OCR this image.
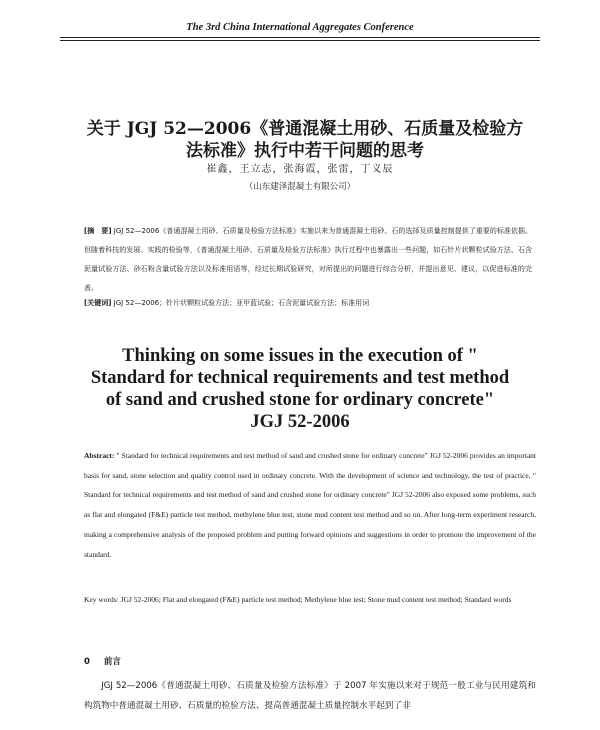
The 3rd China International Aggregates Conference
关于 JGJ 52—2006《普通混凝土用砂、石质量及检验方法标准》执行中若干问题的思考
崔鑫，王立志，张海霞，张雷，丁义辰
（山东建泽混凝土有限公司）
[摘　要] JGJ 52—2006《普通混凝土用砂、石质量及检验方法标准》实施以来为普通混凝土用砂、石的选择及质量控制提供了重要的标准依据。但随着科技的发展、实践的检验等，《普通混凝土用砂、石质量及检验方法标准》执行过程中也暴露出一些问题，如石针片状颗粒试验方法、石含泥量试验方法、砂石粉含量试验方法以及标准用语等，经过长期试验研究，对所提出的问题进行综合分析，并提出意见、建议，以促进标准的完善。
[关键词] JGJ 52—2006；针片状颗粒试验方法；亚甲蓝试验；石含泥量试验方法；标准用词
Thinking on some issues in the execution of " Standard for technical requirements and test method of sand and crushed stone for ordinary concrete" JGJ 52-2006
Abstract: " Standard for technical requirements and test method of sand and crushed stone for ordinary concrete" JGJ 52-2006 provides an important basis for sand, stone selection and quality control used in ordinary concrete. With the development of science and technology, the test of practice, " Standard for technical requirements and test method of sand and crushed stone for ordinary concrete" JGJ 52-2006 also exposed some problems, such as flat and elongated (F&E) particle test method, methylene blue test, stone mud content test method and so on. After long-term experiment research, making a comprehensive analysis of the proposed problem and putting forward opinions and suggestions in order to promote the improvement of the standard.
Key words: JGJ 52-2006; Flat and elongated (F&E) particle test method; Methylene blue test; Stone mud content test method; Standard words
0 前言
JGJ 52—2006《普通混凝土用砂、石质量及检验方法标准》于 2007 年实施以来对于规范一般工业与民用建筑和构筑物中普通混凝土用砂、石质量的检验方法、提高普通混凝土质量控制水平起到了非
